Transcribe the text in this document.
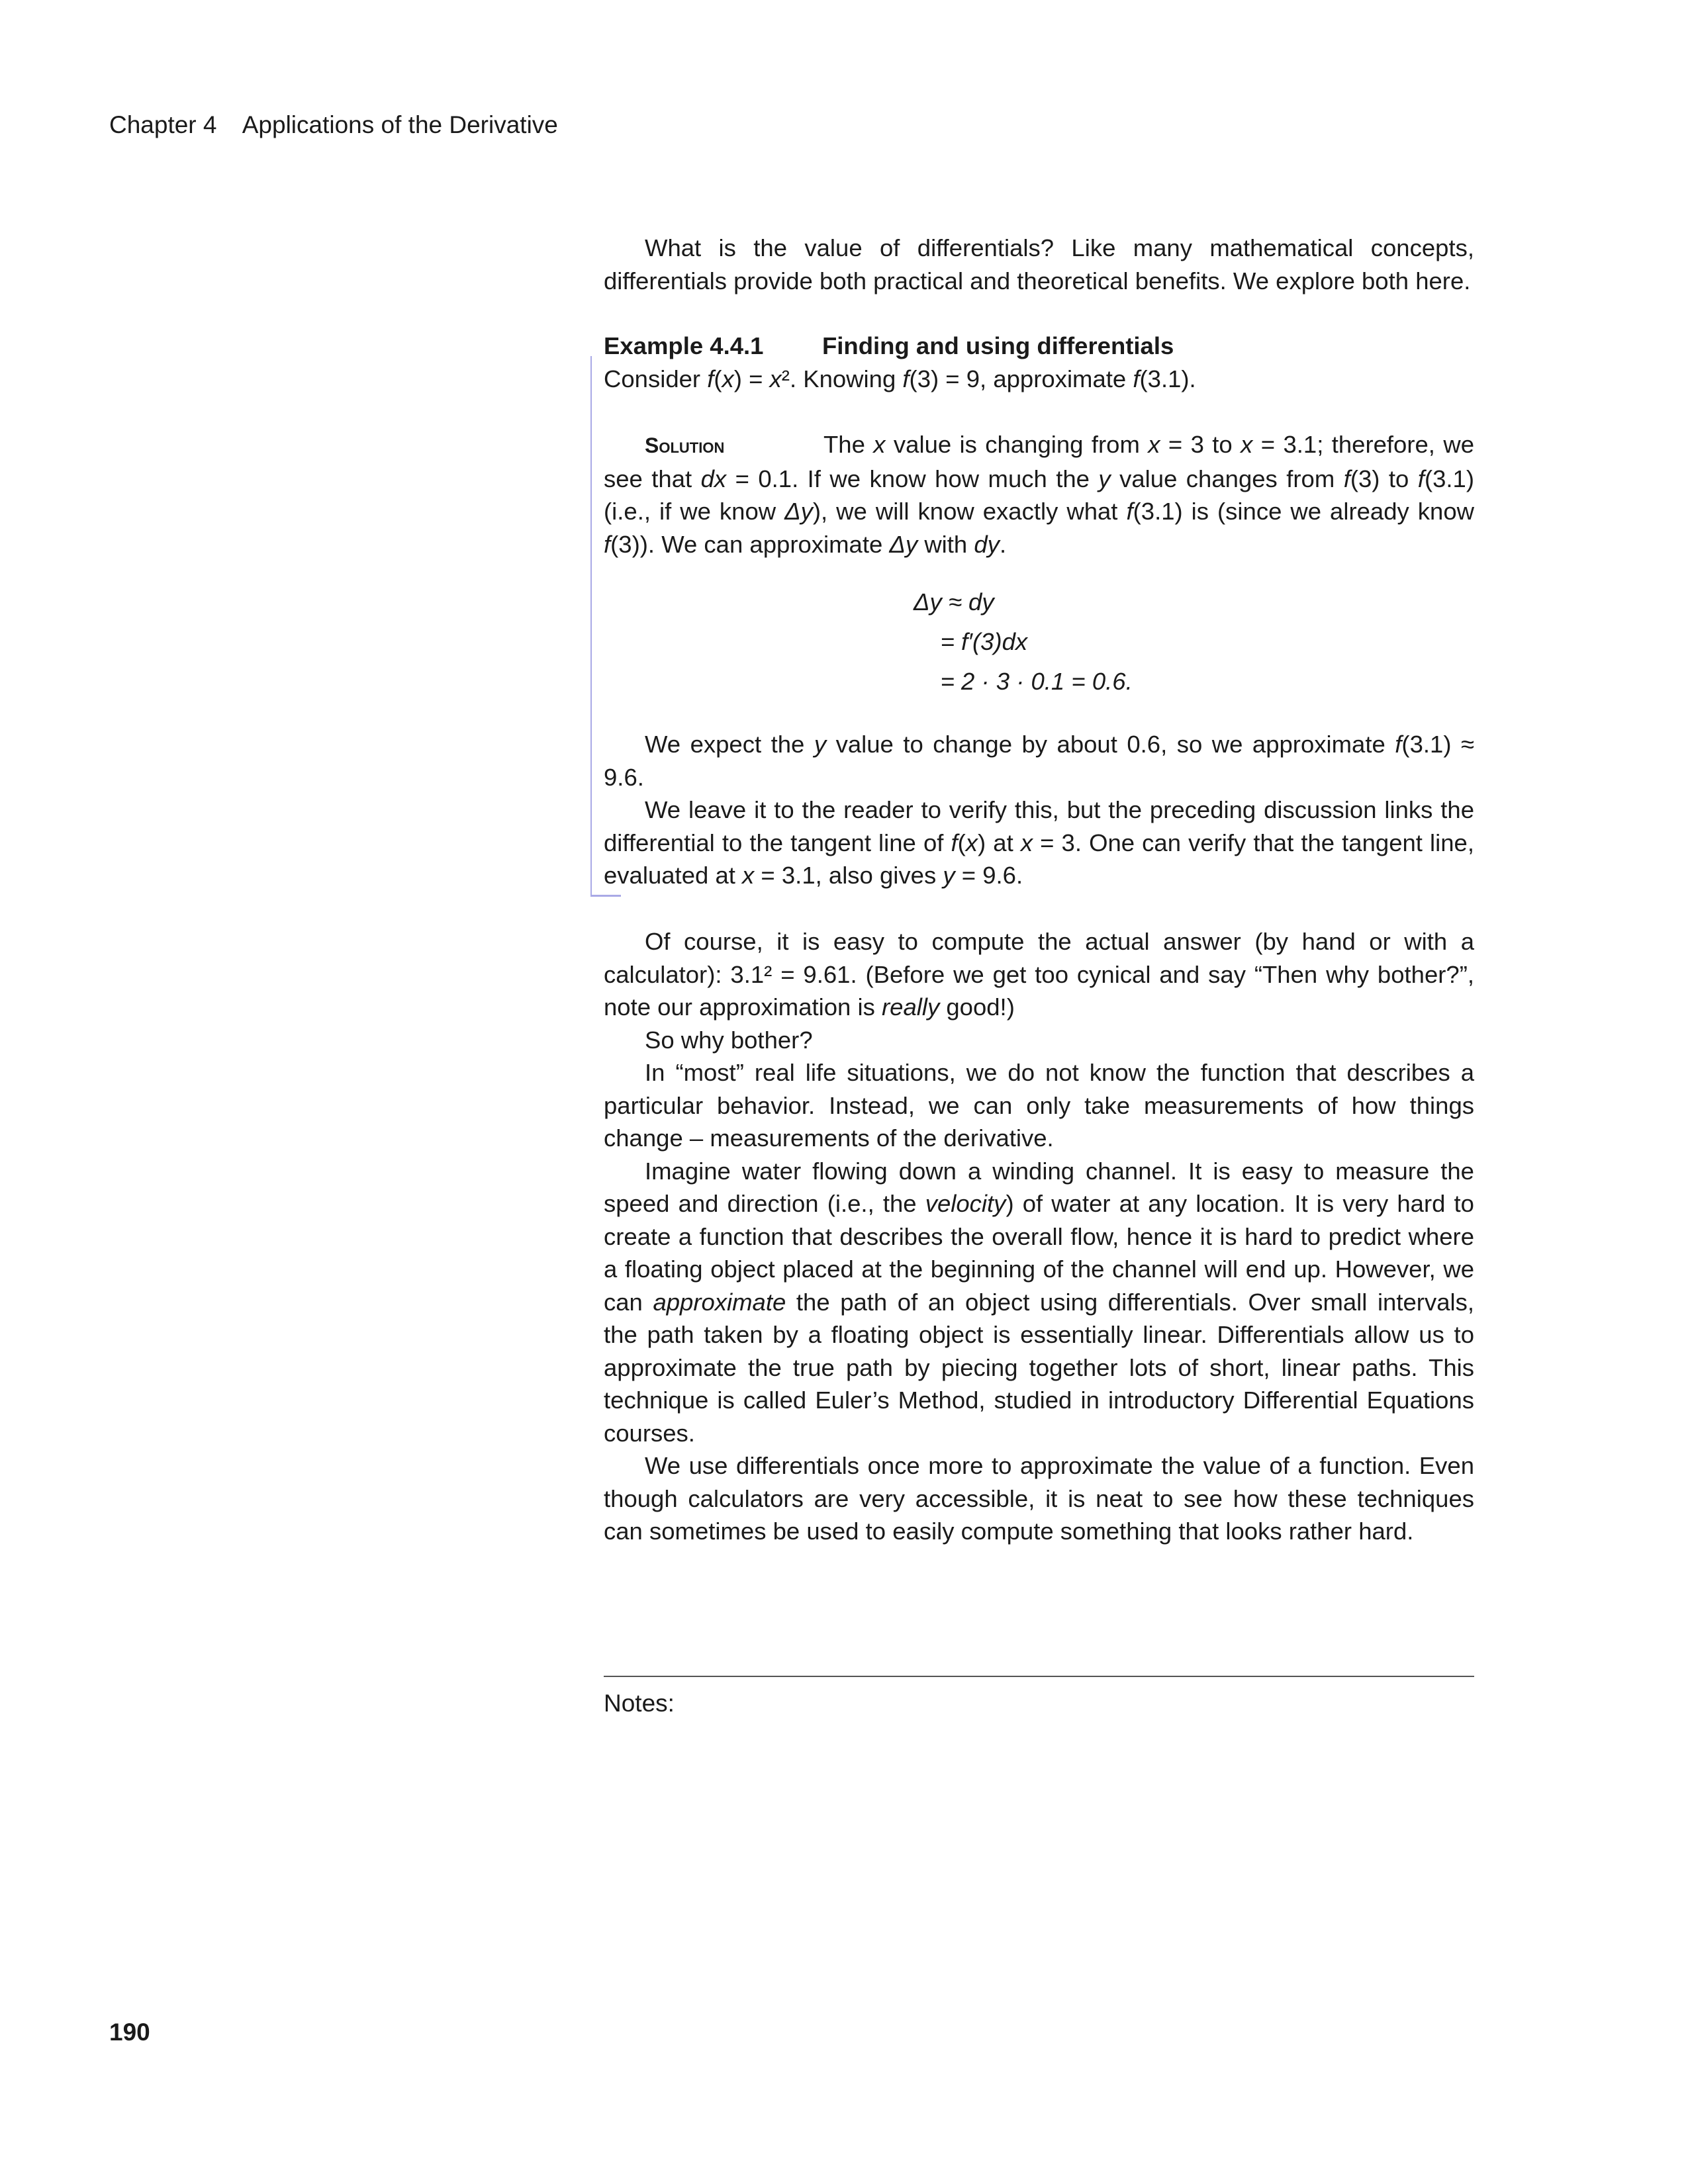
Chapter 4 Applications of the Derivative

What is the value of differentials? Like many mathematical concepts, differentials provide both practical and theoretical benefits. We explore both here.

Example 4.4.1 Finding and using differentials

Consider f(x) = x². Knowing f(3) = 9, approximate f(3.1).

Solution	The x value is changing from x = 3 to x = 3.1; therefore, we see that dx = 0.1. If we know how much the y value changes from f(3) to f(3.1) (i.e., if we know Δy), we will know exactly what f(3.1) is (since we already know f(3)). We can approximate Δy with dy.

Δy ≈ dy
= f′(3)dx
= 2 · 3 · 0.1 = 0.6.

We expect the y value to change by about 0.6, so we approximate f(3.1) ≈ 9.6.

We leave it to the reader to verify this, but the preceding discussion links the differential to the tangent line of f(x) at x = 3. One can verify that the tangent line, evaluated at x = 3.1, also gives y = 9.6.

Of course, it is easy to compute the actual answer (by hand or with a calculator): 3.1² = 9.61. (Before we get too cynical and say “Then why bother?”, note our approximation is really good!)

So why bother?

In “most” real life situations, we do not know the function that describes a particular behavior. Instead, we can only take measurements of how things change – measurements of the derivative.

Imagine water flowing down a winding channel. It is easy to measure the speed and direction (i.e., the velocity) of water at any location. It is very hard to create a function that describes the overall flow, hence it is hard to predict where a floating object placed at the beginning of the channel will end up. However, we can approximate the path of an object using differentials. Over small intervals, the path taken by a floating object is essentially linear. Differentials allow us to approximate the true path by piecing together lots of short, linear paths. This technique is called Euler’s Method, studied in introductory Differential Equations courses.

We use differentials once more to approximate the value of a function. Even though calculators are very accessible, it is neat to see how these techniques can sometimes be used to easily compute something that looks rather hard.

Notes:
190
